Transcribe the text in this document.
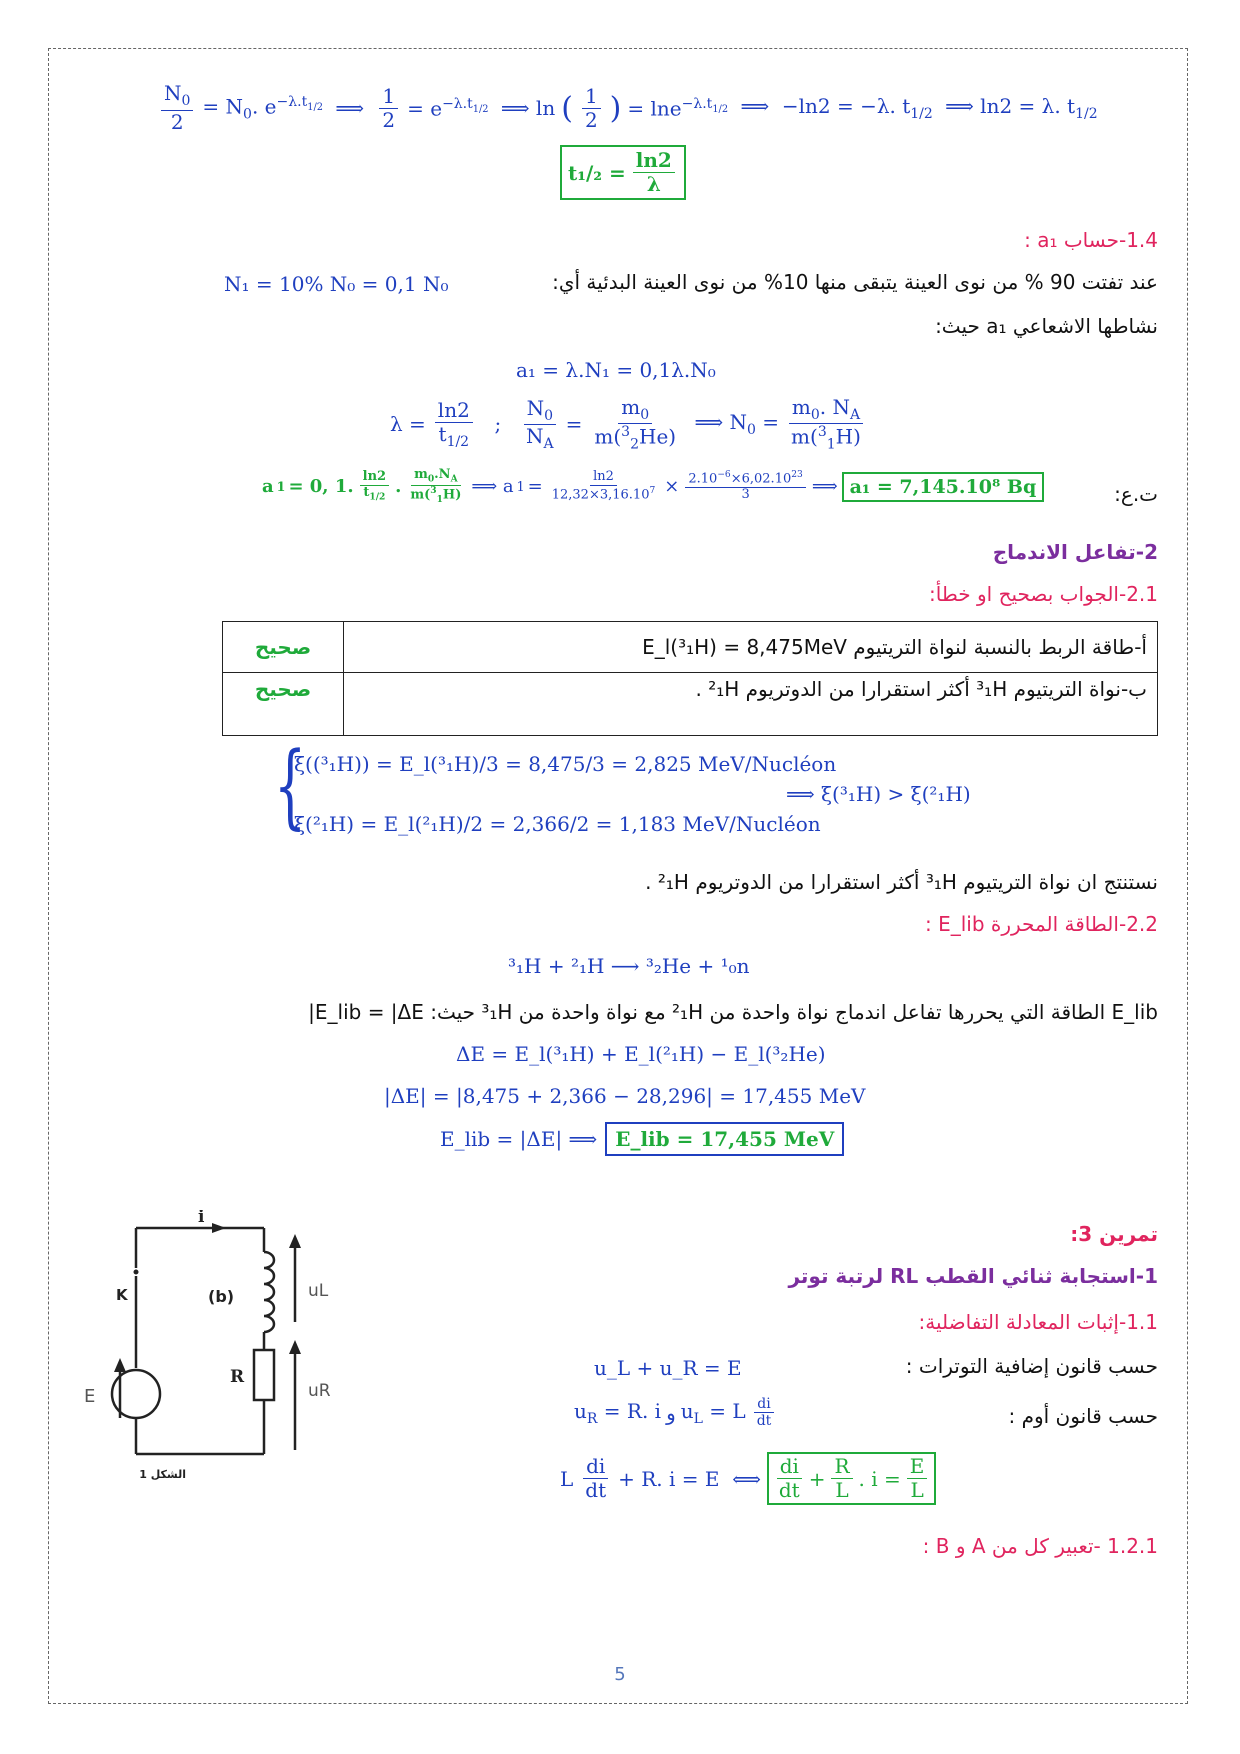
$\frac{N_0}{2} = N_0$. $e^{-\lambda.t_{1/2}}$ ⟹ $\frac{1}{2} = e^{-\lambda.t_{1/2}}$ ⟹ ln ( $\frac{1}{2}$ ) = lne$^{-\lambda.t_{1/2}}$ ⟹  −ln2 = −λ. $t_{1/2}$ ⟹ ln2 = λ. $t_{1/2}$
$t_1/_2 = \frac{\ln 2}{\lambda}$
1.4-حساب a₁ :
عند تفتت 90 % من نوى العينة يتبقى منها 10% من نوى العينة البدئية أي:
N₁ = 10% N₀ = 0,1 N₀
نشاطها الاشعاعي a₁ حيث:
a₁ = λ.N₁ = 0,1λ.N₀
$\lambda = \frac{\ln 2}{t_{1/2}}$ ; $\frac{N_0}{N_A} = \frac{m_0}{m(^3_2He)}$ ⟹ $N_0 = \frac{m_0. N_A}{m(^3_1H)}$
ت.ع:
a 1 = 0, 1. $\frac{\ln 2}{t_{1/2}}$ . $\frac{m_0.N_A}{m(^3_1H)}$ ⟹ a $1 = \frac{\ln 2}{12,32\times 3,16.10^7} \times \frac{2.10^{-6}\times 6,02.10^{23}}{3}$ ⟹ a₁ = 7,145.10⁸ Bq
2-تفاعل الاندماج
2.1-الجواب بصحيح او خطأ:
أ-طاقة الربط بالنسبة لنواة التريتيوم E_l(³₁H) = 8,475MeV	صحيح
ب-نواة التريتيوم ³₁H أكثر استقرارا من الدوتريوم ²₁H .	صحيح
{
ξ((³₁H)) = E_l(³₁H)/3 = 8,475/3 = 2,825 MeV/Nucléon
ξ(²₁H) = E_l(²₁H)/2 = 2,366/2 = 1,183 MeV/Nucléon
⟹ ξ(³₁H) > ξ(²₁H)
نستنتج ان نواة التريتيوم ³₁H أكثر استقرارا من الدوتريوم ²₁H .
2.2-الطاقة المحررة E_lib :
³₁H + ²₁H ⟶ ³₂He + ¹₀n
E_lib الطاقة التي يحررها تفاعل اندماج نواة واحدة من ²₁H مع نواة واحدة من ³₁H حيث: E_lib = |ΔE|
ΔE = E_l(³₁H) + E_l(²₁H) − E_l(³₂He)
|ΔE| = |8,475 + 2,366 − 28,296| = 17,455 MeV
E_lib = |ΔE| ⟹ E_lib = 17,455 MeV
تمرين 3:
1-استجابة ثنائي القطب RL لرتبة توتر
1.1-إثبات المعادلة التفاضلية:
حسب قانون إضافية التوترات :
u_L + u_R = E
حسب قانون أوم :
$u_R = R$. i و $u_L = L \frac{di}{dt}$
L $\frac{di}{dt} + R$. i = E  ⟺ $\frac{di}{dt} + \frac{R}{L}$ . $i = \frac{E}{L}$
1.2.1 -تعبير كل من A و B :
i
K	(b)	uL
uR
R
E
الشكل 1
5
